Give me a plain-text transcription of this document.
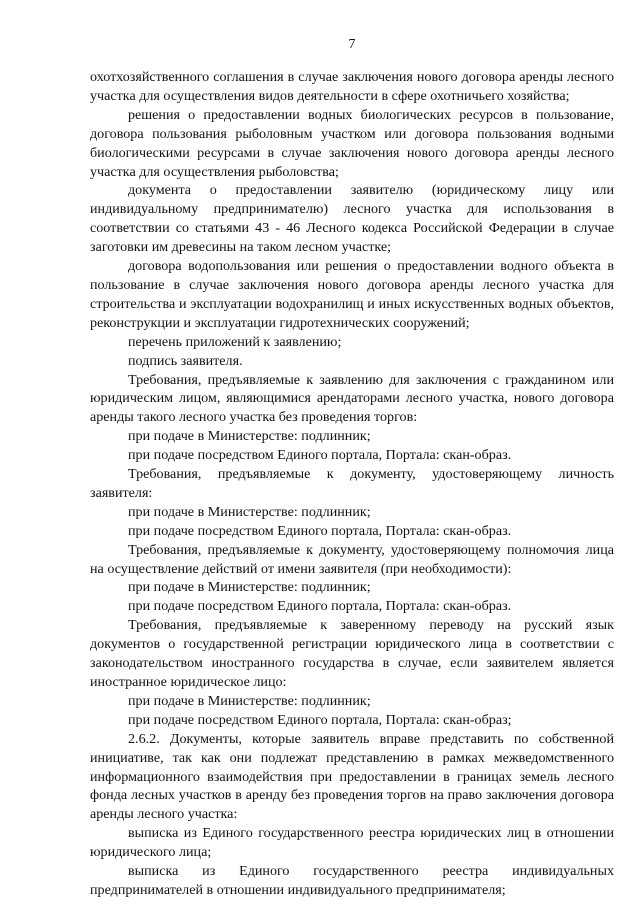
7

охотхозяйственного соглашения в случае заключения нового договора аренды лесного участка для осуществления видов деятельности в сфере охотничьего хозяйства;

решения о предоставлении водных биологических ресурсов в пользование, договора пользования рыболовным участком или договора пользования водными биологическими ресурсами в случае заключения нового договора аренды лесного участка для осуществления рыболовства;

документа о предоставлении заявителю (юридическому лицу или индивидуальному предпринимателю) лесного участка для использования в соответствии со статьями 43 - 46 Лесного кодекса Российской Федерации в случае заготовки им древесины на таком лесном участке;

договора водопользования или решения о предоставлении водного объекта в пользование в случае заключения нового договора аренды лесного участка для строительства и эксплуатации водохранилищ и иных искусственных водных объектов, реконструкции и эксплуатации гидротехнических сооружений;

перечень приложений к заявлению;

подпись заявителя.

Требования, предъявляемые к заявлению для заключения с гражданином или юридическим лицом, являющимися арендаторами лесного участка, нового договора аренды такого лесного участка без проведения торгов:

при подаче в Министерстве: подлинник;

при подаче посредством Единого портала, Портала: скан-образ.

Требования, предъявляемые к документу, удостоверяющему личность заявителя:

при подаче в Министерстве: подлинник;

при подаче посредством Единого портала, Портала: скан-образ.

Требования, предъявляемые к документу, удостоверяющему полномочия лица на осуществление действий от имени заявителя (при необходимости):

при подаче в Министерстве: подлинник;

при подаче посредством Единого портала, Портала: скан-образ.

Требования, предъявляемые к заверенному переводу на русский язык документов о государственной регистрации юридического лица в соответствии с законодательством иностранного государства в случае, если заявителем является иностранное юридическое лицо:

при подаче в Министерстве: подлинник;

при подаче посредством Единого портала, Портала: скан-образ;

2.6.2. Документы, которые заявитель вправе представить по собственной инициативе, так как они подлежат представлению в рамках межведомственного информационного взаимодействия при предоставлении в границах земель лесного фонда лесных участков в аренду без проведения торгов на право заключения договора аренды лесного участка:

выписка из Единого государственного реестра юридических лиц в отношении юридического лица;

выписка из Единого государственного реестра индивидуальных предпринимателей в отношении индивидуального предпринимателя;
